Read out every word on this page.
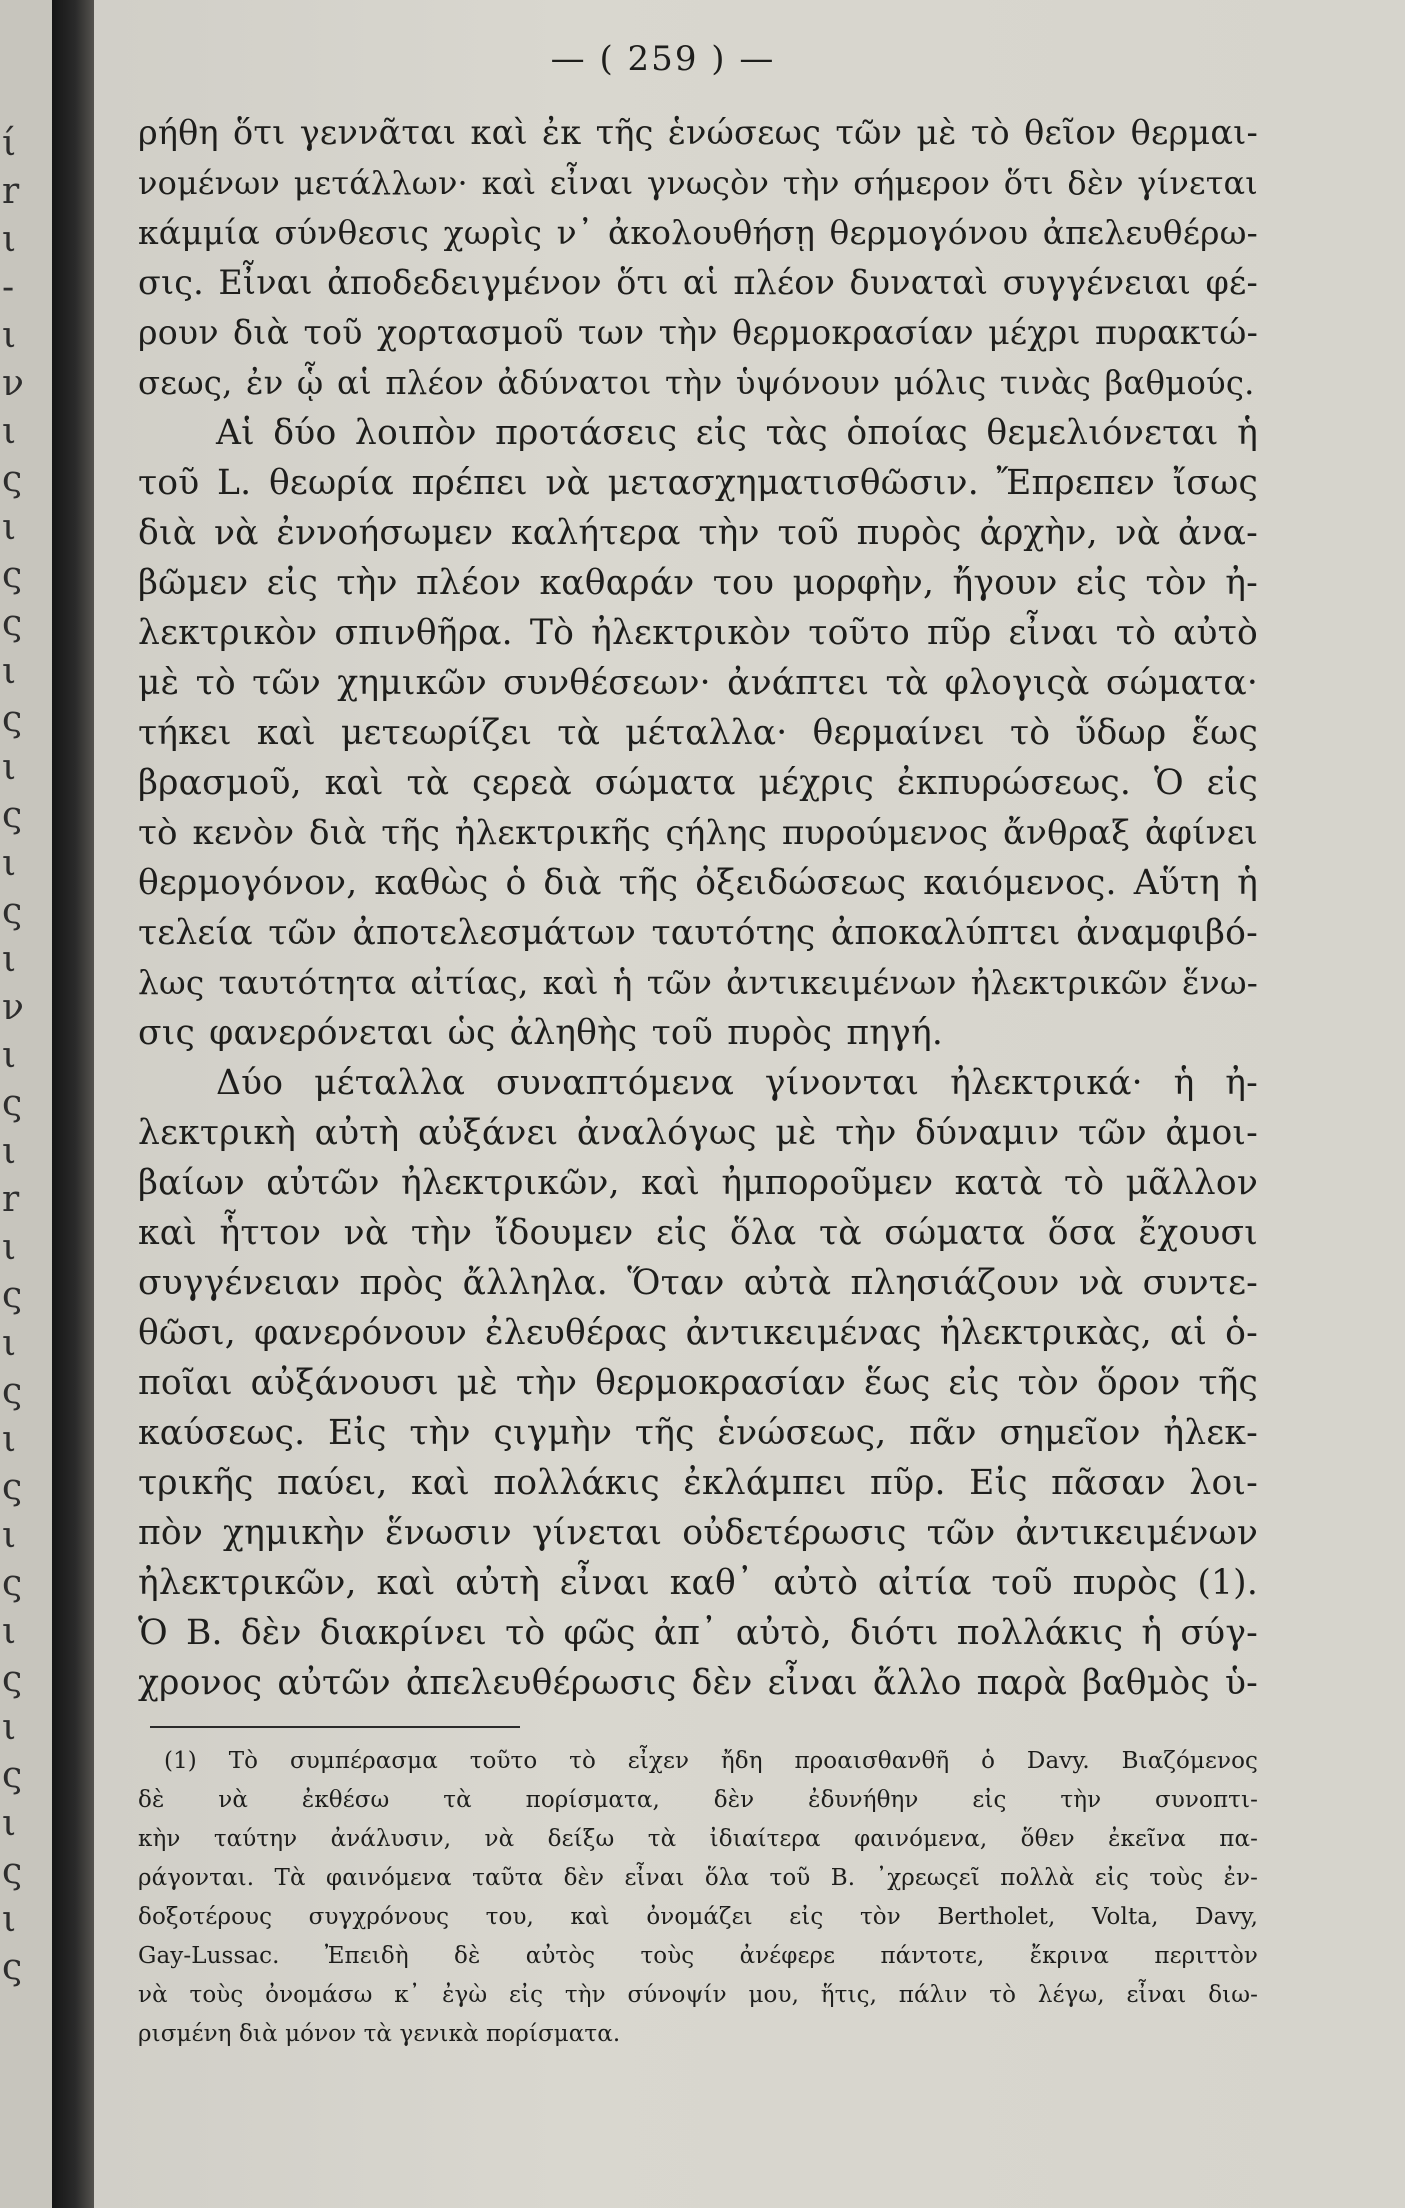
ί
r
ι
-
ι
ν
ι
ς
ι
ς
ς
ι
ς
ι
ς
ι
ς
ι
ν
ι
ς
ι
r
ι
ς
ι
ς
ι
ς
ι
ς
ι
ς
ι
ς
ι
ς
ι
ς
— ( 259 ) —
ρήθη ὅτι γεννᾶται καὶ ἐκ τῆς ἑνώσεως τῶν μὲ τὸ θεῖον θερμαι-
νομένων μετάλλων· καὶ εἶναι γνωςὸν τὴν σήμερον ὅτι δὲν γίνεται
κάμμία σύνθεσις χωρὶς ν᾽ ἀκολουθήσῃ θερμογόνου ἀπελευθέρω-
σις. Εἶναι ἀποδεδειγμένον ὅτι αἱ πλέον δυναταὶ συγγένειαι φέ-
ρουν διὰ τοῦ χορτασμοῦ των τὴν θερμοκρασίαν μέχρι πυρακτώ-
σεως, ἐν ᾧ αἱ πλέον ἀδύνατοι τὴν ὑψόνουν μόλις τινὰς βαθμούς.
Αἱ δύο λοιπὸν προτάσεις εἰς τὰς ὁποίας θεμελιόνεται ἡ
τοῦ L. θεωρία πρέπει νὰ μετασχηματισθῶσιν. Ἔπρεπεν ἴσως
διὰ νὰ ἐννοήσωμεν καλήτερα τὴν τοῦ πυρὸς ἀρχὴν, νὰ ἀνα-
βῶμεν εἰς τὴν πλέον καθαράν του μορφὴν, ἤγουν εἰς τὸν ἠ-
λεκτρικὸν σπινθῆρα. Τὸ ἠλεκτρικὸν τοῦτο πῦρ εἶναι τὸ αὐτὸ
μὲ τὸ τῶν χημικῶν συνθέσεων· ἀνάπτει τὰ φλογιςὰ σώματα·
τήκει καὶ μετεωρίζει τὰ μέταλλα· θερμαίνει τὸ ὕδωρ ἕως
βρασμοῦ, καὶ τὰ ςερεὰ σώματα μέχρις ἐκπυρώσεως. Ὁ εἰς
τὸ κενὸν διὰ τῆς ἠλεκτρικῆς ςήλης πυρούμενος ἄνθραξ ἀφίνει
θερμογόνον, καθὼς ὁ διὰ τῆς ὀξειδώσεως καιόμενος. Αὕτη ἡ
τελεία τῶν ἀποτελεσμάτων ταυτότης ἀποκαλύπτει ἀναμφιβό-
λως ταυτότητα αἰτίας, καὶ ἡ τῶν ἀντικειμένων ἠλεκτρικῶν ἕνω-
σις φανερόνεται ὡς ἀληθὴς τοῦ πυρὸς πηγή.
Δύο μέταλλα συναπτόμενα γίνονται ἠλεκτρικά· ἡ ἠ-
λεκτρικὴ αὐτὴ αὐξάνει ἀναλόγως μὲ τὴν δύναμιν τῶν ἀμοι-
βαίων αὐτῶν ἠλεκτρικῶν, καὶ ἠμποροῦμεν κατὰ τὸ μᾶλλον
καὶ ἧττον νὰ τὴν ἴδουμεν εἰς ὅλα τὰ σώματα ὅσα ἔχουσι
συγγένειαν πρὸς ἄλληλα. Ὅταν αὐτὰ πλησιάζουν νὰ συντε-
θῶσι, φανερόνουν ἐλευθέρας ἀντικειμένας ἠλεκτρικὰς, αἱ ὁ-
ποῖαι αὐξάνουσι μὲ τὴν θερμοκρασίαν ἕως εἰς τὸν ὅρον τῆς
καύσεως. Εἰς τὴν ςιγμὴν τῆς ἑνώσεως, πᾶν σημεῖον ἠλεκ-
τρικῆς παύει, καὶ πολλάκις ἐκλάμπει πῦρ. Εἰς πᾶσαν λοι-
πὸν χημικὴν ἕνωσιν γίνεται οὐδετέρωσις τῶν ἀντικειμένων
ἠλεκτρικῶν, καὶ αὐτὴ εἶναι καθ᾽ αὐτὸ αἰτία τοῦ πυρὸς (1).
Ὁ Β. δὲν διακρίνει τὸ φῶς ἀπ᾽ αὐτὸ, διότι πολλάκις ἡ σύγ-
χρονος αὐτῶν ἀπελευθέρωσις δὲν εἶναι ἄλλο παρὰ βαθμὸς ὑ-
(1) Τὸ συμπέρασμα τοῦτο τὸ εἶχεν ἤδη προαισθανθῆ ὁ Davy. Βιαζόμενος
δὲ νὰ ἐκθέσω τὰ πορίσματα, δὲν ἐδυνήθην εἰς τὴν συνοπτι-
κὴν ταύτην ἀνάλυσιν, νὰ δείξω τὰ ἰδιαίτερα φαινόμενα, ὅθεν ἐκεῖνα πα-
ράγονται. Τὰ φαινόμενα ταῦτα δὲν εἶναι ὅλα τοῦ Β. ᾽χρεωςεῖ πολλὰ εἰς τοὺς ἐν-
δοξοτέρους συγχρόνους του, καὶ ὀνομάζει εἰς τὸν Bertholet, Volta, Davy,
Gay-Lussac. Ἐπειδὴ δὲ αὐτὸς τοὺς ἀνέφερε πάντοτε, ἔκρινα περιττὸν
νὰ τοὺς ὀνομάσω κ᾽ ἐγὼ εἰς τὴν σύνοψίν μου, ἥτις, πάλιν τὸ λέγω, εἶναι διω-
ρισμένη διὰ μόνον τὰ γενικὰ πορίσματα.
